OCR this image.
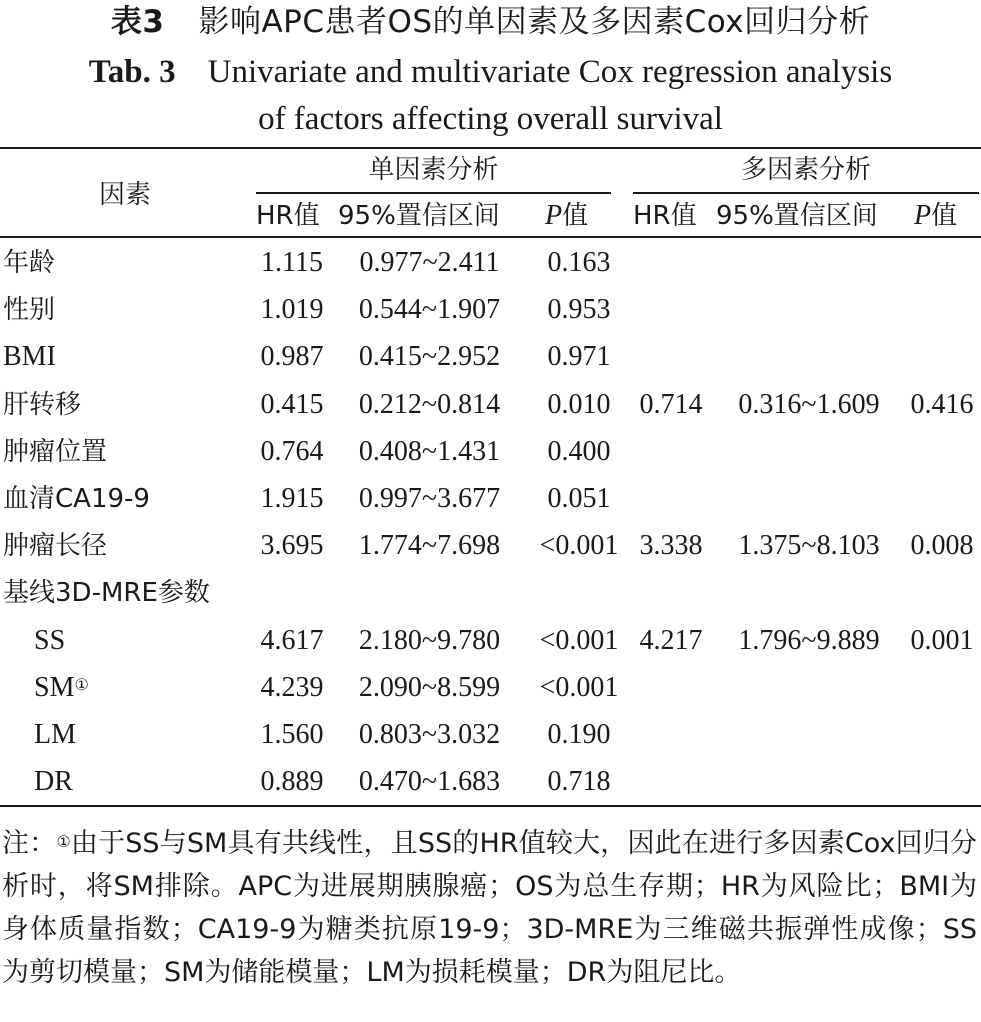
表3 影响APC患者OS的单因素及多因素Cox回归分析
Tab. 3 Univariate and multivariate Cox regression analysis
of factors affecting overall survival
因素
单因素分析	多因素分析
HR值 95%置信区间 P值 HR值 95%置信区间 P值
年龄	1.115 0.977~2.411	0.163
性别	1.019 0.544~1.907	0.953
BMI	0.987 0.415~2.952	0.971
肝转移	0.415 0.212~0.814	0.010	0.714	0.316~1.609	0.416
肿瘤位置	0.764 0.408~1.431	0.400
血清CA19-9	1.915 0.997~3.677	0.051
肿瘤长径	3.695 1.774~7.698	<0.001 3.338	1.375~8.103	0.008
基线3D-MRE参数
SS	4.617 2.180~9.780	<0.001 4.217	1.796~9.889	0.001
SM①	4.239 2.090~8.599	<0.001
LM	1.560 0.803~3.032	0.190
DR	0.889 0.470~1.683	0.718

注：①由于SS与SM具有共线性，且SS的HR值较大，因此在进行多因素Cox回归分析时，将SM排除。APC为进展期胰腺癌；OS为总生存期；HR为风险比；BMI为身体质量指数；CA19-9为糖类抗原19-9；3D-MRE为三维磁共振弹性成像；SS为剪切模量；SM为储能模量；LM为损耗模量；DR为阻尼比。
